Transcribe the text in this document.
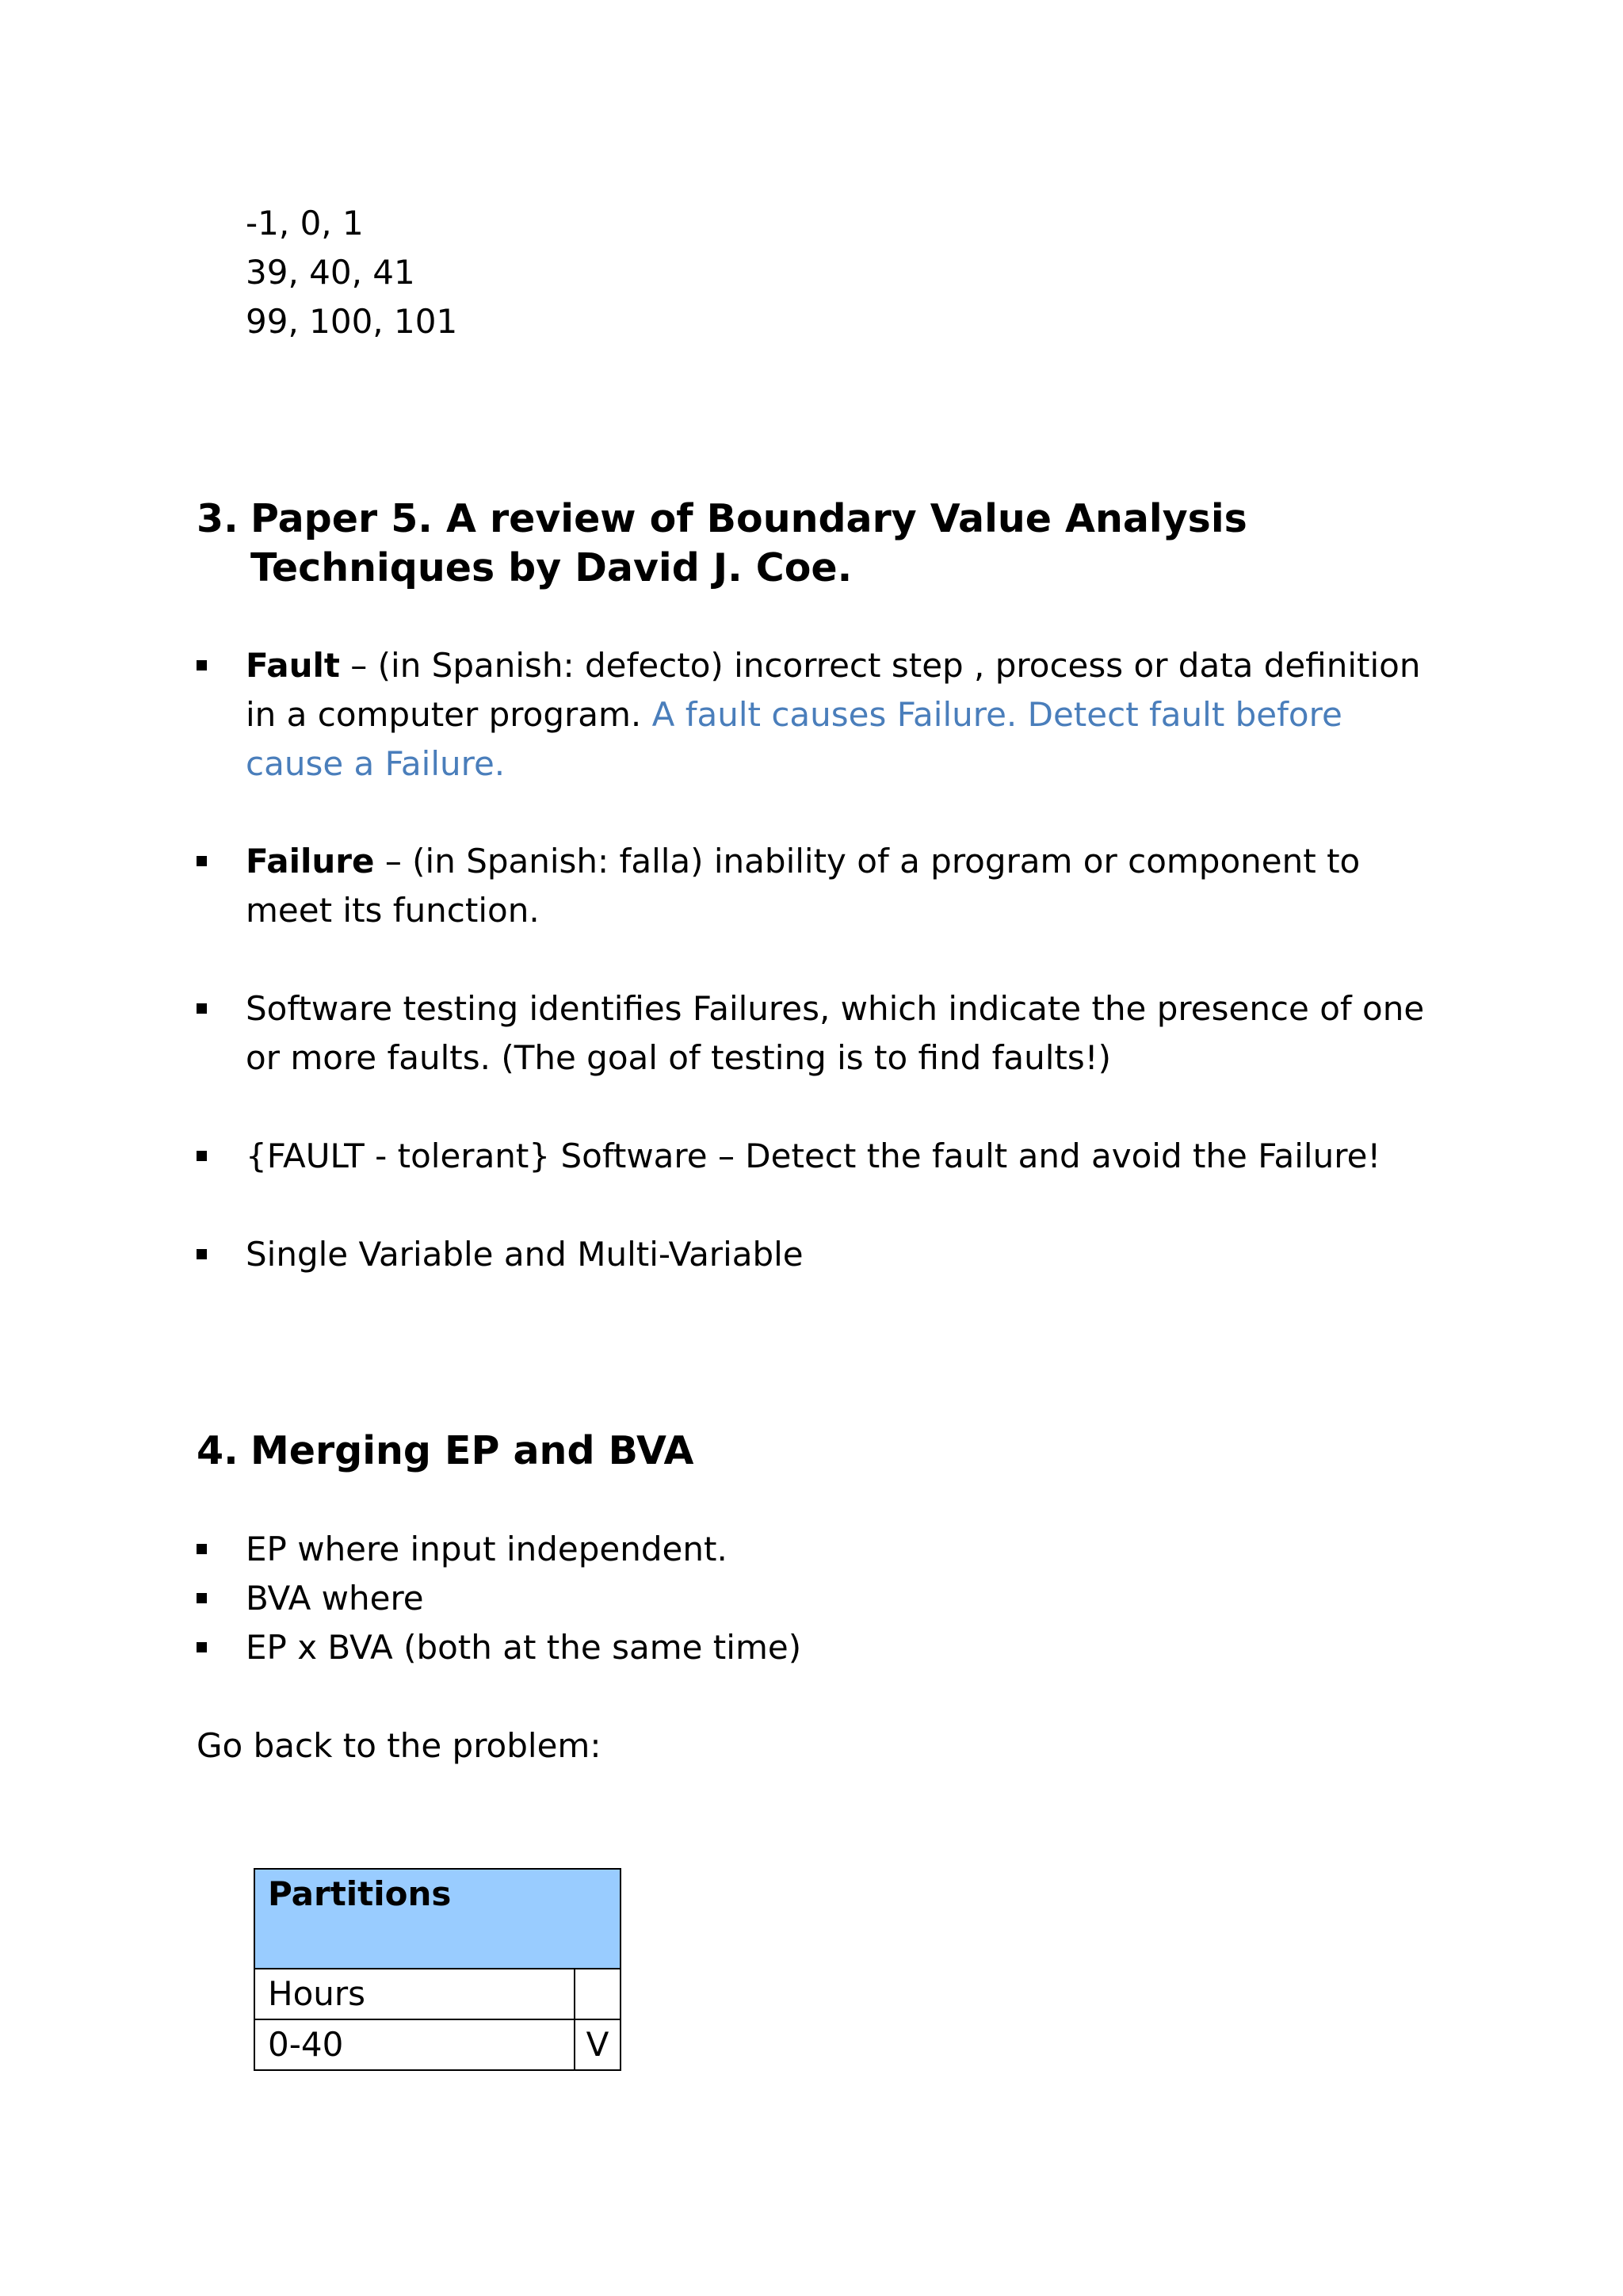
-1, 0, 1
39, 40, 41
99, 100, 101
3. Paper 5. A review of Boundary Value Analysis
Techniques by David J. Coe.
Fault – (in Spanish: defecto) incorrect step , process or data definition
in a computer program. A fault causes Failure. Detect fault before
cause a Failure.
Failure – (in Spanish: falla) inability of a program or component to
meet its function.
Software testing identifies Failures, which indicate the presence of one
or more faults. (The goal of testing is to find faults!)
{FAULT - tolerant} Software – Detect the fault and avoid the Failure!
Single Variable and Multi-Variable
4. Merging EP and BVA
EP where input independent.
BVA where
EP x BVA (both at the same time)
Go back to the problem:
Partitions	
Hours	
0-40	V
